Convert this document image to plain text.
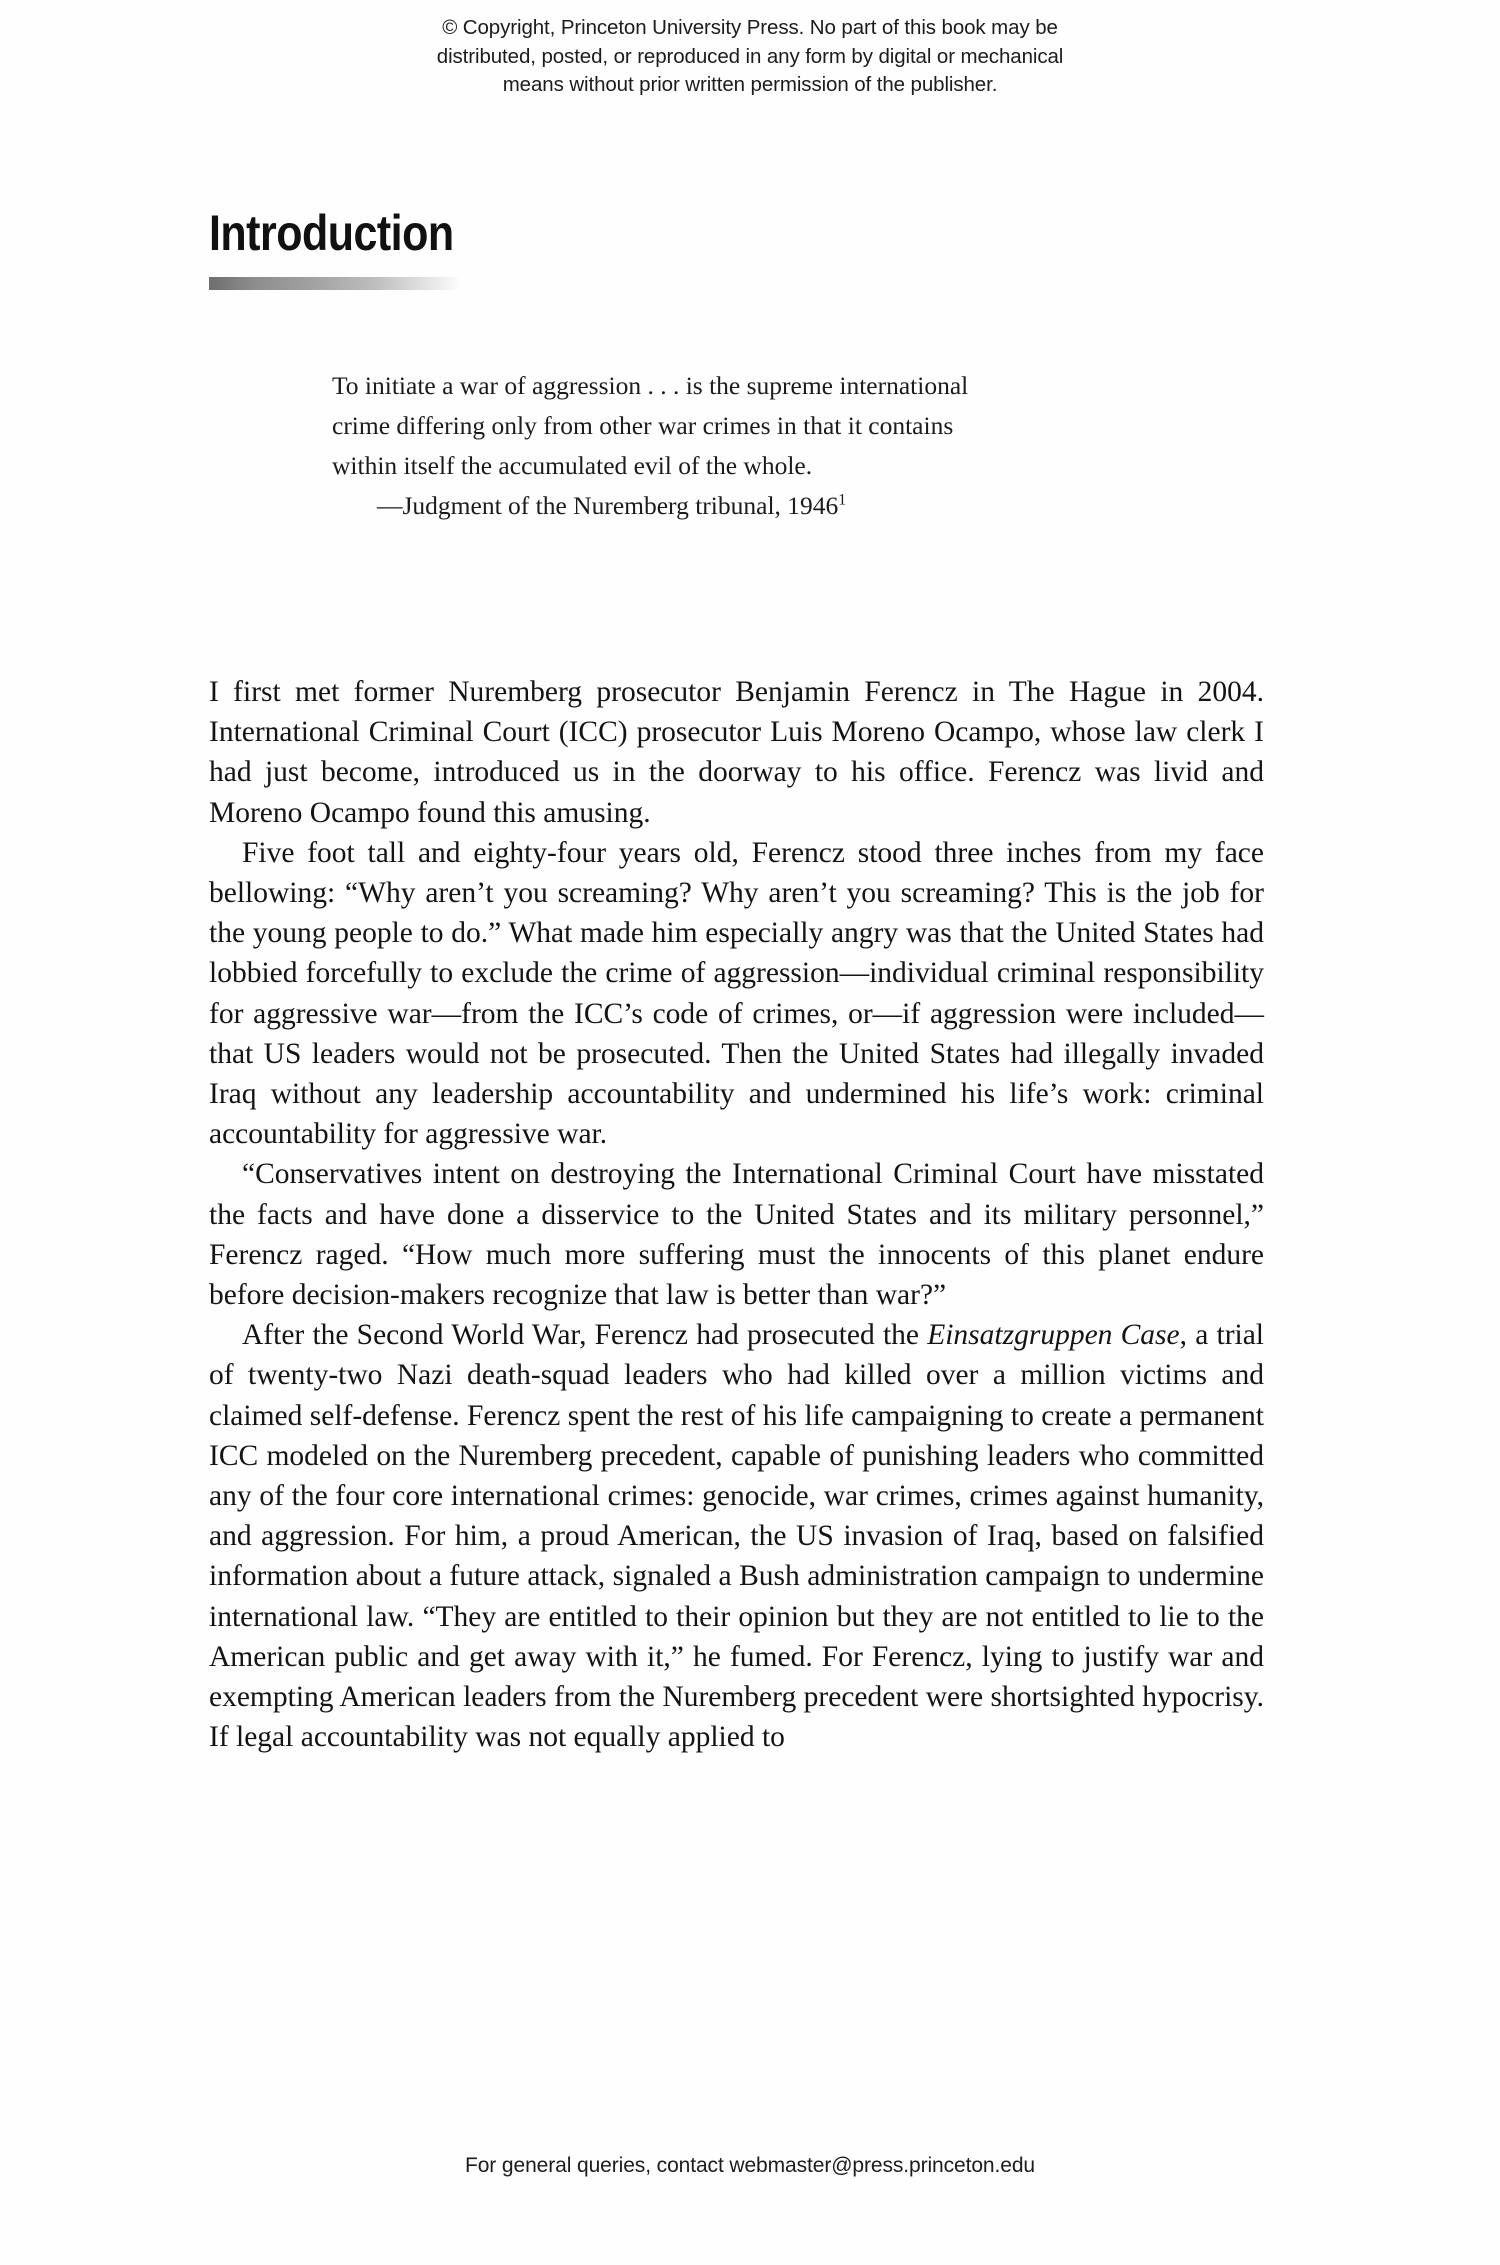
© Copyright, Princeton University Press. No part of this book may be
distributed, posted, or reproduced in any form by digital or mechanical
means without prior written permission of the publisher.
Introduction
To initiate a war of aggression . . . is the supreme international
crime differing only from other war crimes in that it contains
within itself the accumulated evil of the whole.
—Judgment of the Nuremberg tribunal, 1946$^1$

I first met former Nuremberg prosecutor Benjamin Ferencz in The Hague in 2004. International Criminal Court (ICC) prosecutor Luis Moreno Ocampo, whose law clerk I had just become, introduced us in the doorway to his office. Ferencz was livid and Moreno Ocampo found this amusing.

Five foot tall and eighty-four years old, Ferencz stood three inches from my face bellowing: “Why aren’t you screaming? Why aren’t you screaming? This is the job for the young people to do.” What made him especially angry was that the United States had lobbied forcefully to exclude the crime of aggression—individual criminal responsibility for aggressive war—from the ICC’s code of crimes, or—if aggression were included—that US leaders would not be prosecuted. Then the United States had illegally invaded Iraq without any leadership accountability and undermined his life’s work: criminal accountability for aggressive war.

“Conservatives intent on destroying the International Criminal Court have misstated the facts and have done a disservice to the United States and its military personnel,” Ferencz raged. “How much more suffering must the innocents of this planet endure before decision-makers recognize that law is better than war?”

After the Second World War, Ferencz had prosecuted the Einsatzgruppen Case, a trial of twenty-two Nazi death-squad leaders who had killed over a million victims and claimed self-defense. Ferencz spent the rest of his life campaigning to create a permanent ICC modeled on the Nuremberg precedent, capable of punishing leaders who committed any of the four core international crimes: genocide, war crimes, crimes against humanity, and aggression. For him, a proud American, the US invasion of Iraq, based on falsified information about a future attack, signaled a Bush administration campaign to undermine international law. “They are entitled to their opinion but they are not entitled to lie to the American public and get away with it,” he fumed. For Ferencz, lying to justify war and exempting American leaders from the Nuremberg precedent were shortsighted hypocrisy. If legal accountability was not equally applied to

For general queries, contact webmaster@press.princeton.edu
